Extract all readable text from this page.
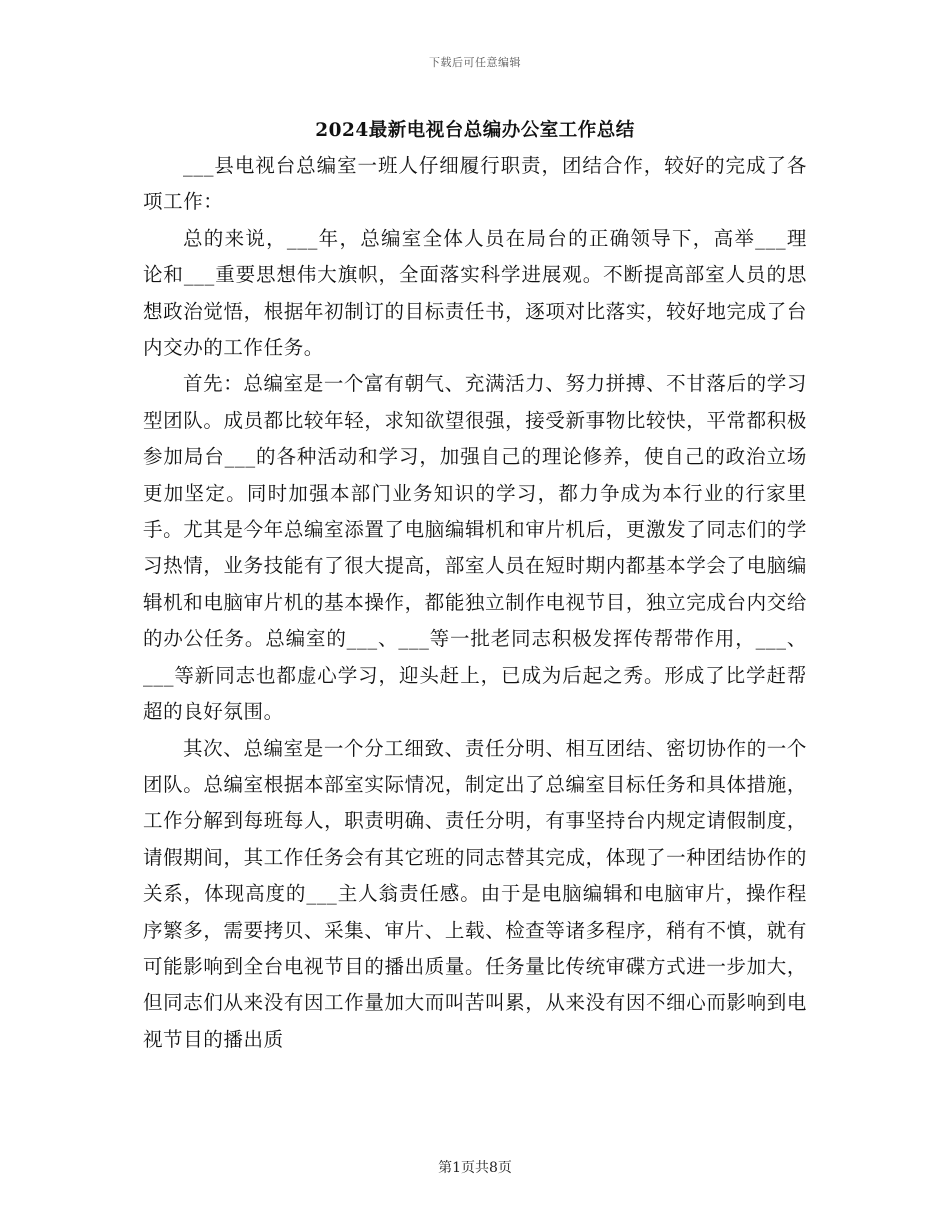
下载后可任意编辑
2024最新电视台总编办公室工作总结

___县电视台总编室一班人仔细履行职责，团结合作，较好的完成了各项工作：

总的来说，___年，总编室全体人员在局台的正确领导下，高举___理论和___重要思想伟大旗帜，全面落实科学进展观。不断提高部室人员的思想政治觉悟，根据年初制订的目标责任书，逐项对比落实，较好地完成了台内交办的工作任务。

首先：总编室是一个富有朝气、充满活力、努力拼搏、不甘落后的学习型团队。成员都比较年轻，求知欲望很强，接受新事物比较快，平常都积极参加局台___的各种活动和学习，加强自己的理论修养，使自己的政治立场更加坚定。同时加强本部门业务知识的学习，都力争成为本行业的行家里手。尤其是今年总编室添置了电脑编辑机和审片机后，更激发了同志们的学习热情，业务技能有了很大提高，部室人员在短时期内都基本学会了电脑编辑机和电脑审片机的基本操作，都能独立制作电视节目，独立完成台内交给的办公任务。总编室的___、___等一批老同志积极发挥传帮带作用，___、___等新同志也都虚心学习，迎头赶上，已成为后起之秀。形成了比学赶帮超的良好氛围。

其次、总编室是一个分工细致、责任分明、相互团结、密切协作的一个团队。总编室根据本部室实际情况，制定出了总编室目标任务和具体措施，工作分解到每班每人，职责明确、责任分明，有事坚持台内规定请假制度，请假期间，其工作任务会有其它班的同志替其完成，体现了一种团结协作的关系，体现高度的___主人翁责任感。由于是电脑编辑和电脑审片，操作程序繁多，需要拷贝、采集、审片、上载、检查等诸多程序，稍有不慎，就有可能影响到全台电视节目的播出质量。任务量比传统审碟方式进一步加大，但同志们从来没有因工作量加大而叫苦叫累，从来没有因不细心而影响到电视节目的播出质

第1页共8页
